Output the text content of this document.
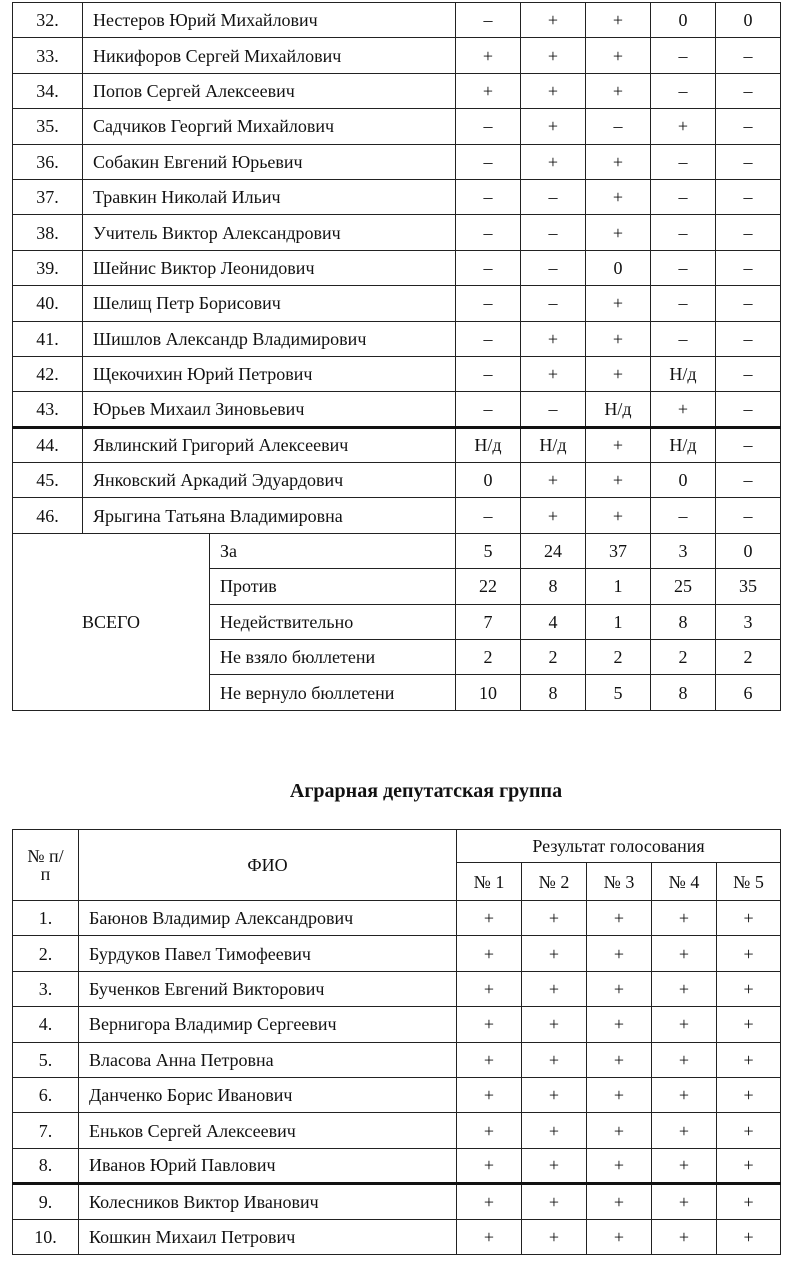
32.	Нестеров Юрий Михайлович		–	+	+	0	0
33.	Никифоров Сергей Михайлович		+	+	+	–	–
34.	Попов Сергей Алексеевич		+	+	+	–	–
35.	Садчиков Георгий Михайлович		–	+	–	+	–
36.	Собакин Евгений Юрьевич		–	+	+	–	–
37.	Травкин Николай Ильич		–	–	+	–	–
38.	Учитель Виктор Александрович		–	–	+	–	–
39.	Шейнис Виктор Леонидович		–	–	0	–	–
40.	Шелищ Петр Борисович		–	–	+	–	–
41.	Шишлов Александр Владимирович		–	+	+	–	–
42.	Щекочихин Юрий Петрович		–	+	+	Н/д	–
43.	Юрьев Михаил Зиновьевич		–	–	Н/д	+	–
44.	Явлинский Григорий Алексеевич		Н/д	Н/д	+	Н/д	–
45.	Янковский Аркадий Эдуардович		0	+	+	0	–
46.	Ярыгина Татьяна Владимировна		–	+	+	–	–
ВСЕГО		За	5	24	37	3	0
		Против	22	8	1	25	35
		Недействительно	7	4	1	8	3
		Не взяло бюллетени	2	2	2	2	2
		Не вернуло бюллетени	10	8	5	8	6
Аграрная депутатская группа
№ п/п	ФИО	Результат голосования				
		№ 1	№ 2	№ 3	№ 4	№ 5
1.	Баюнов Владимир Александрович	+	+	+	+	+
2.	Бурдуков Павел Тимофеевич	+	+	+	+	+
3.	Бученков Евгений Викторович	+	+	+	+	+
4.	Вернигора Владимир Сергеевич	+	+	+	+	+
5.	Власова Анна Петровна	+	+	+	+	+
6.	Данченко Борис Иванович	+	+	+	+	+
7.	Еньков Сергей Алексеевич	+	+	+	+	+
8.	Иванов Юрий Павлович	+	+	+	+	+
9.	Колесников Виктор Иванович	+	+	+	+	+
10.	Кошкин Михаил Петрович	+	+	+	+	+
